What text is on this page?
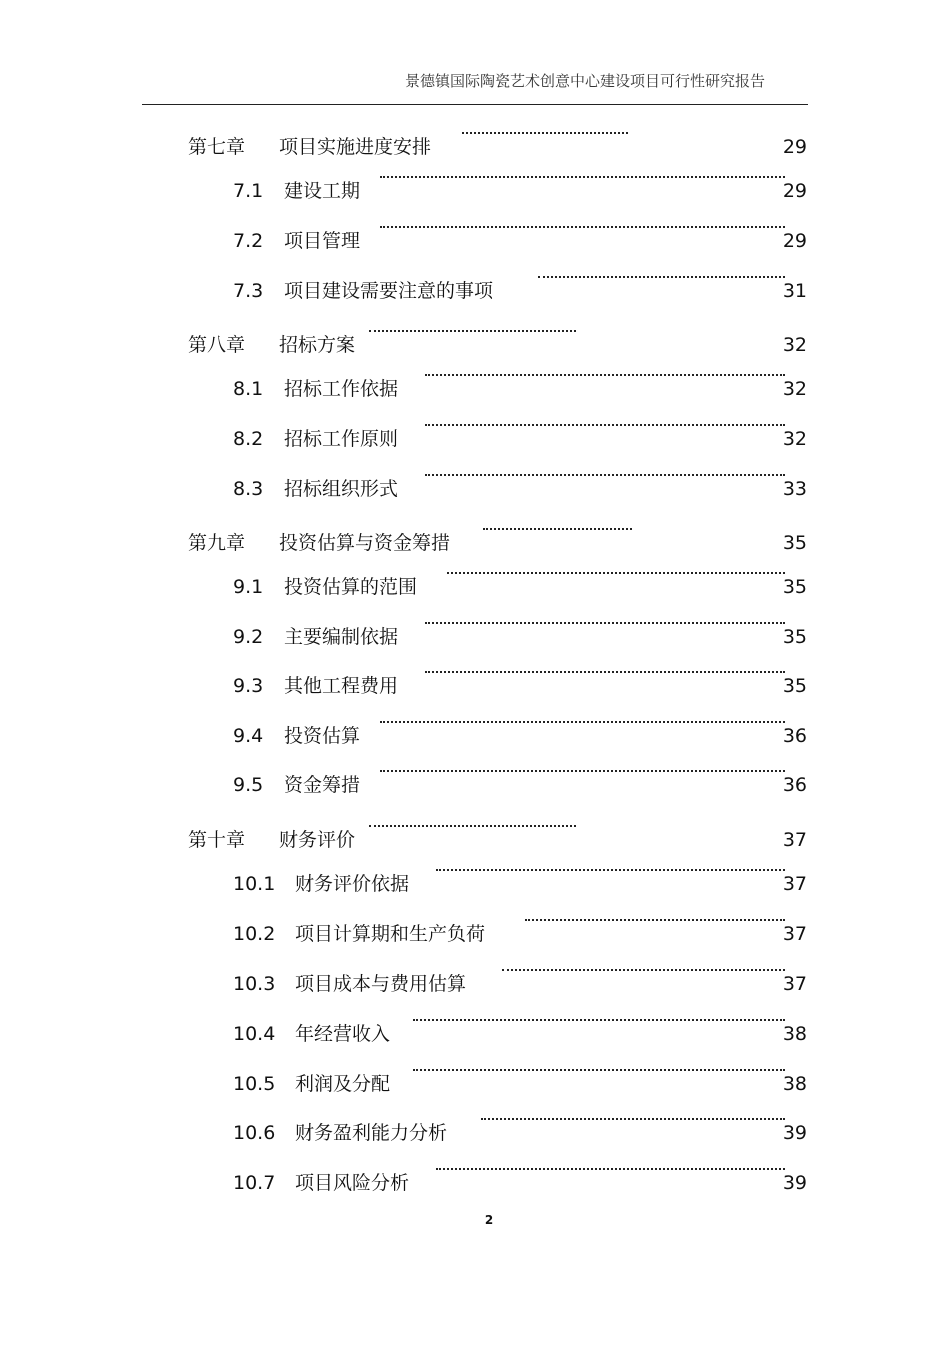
景德镇国际陶瓷艺术创意中心建设项目可行性研究报告
第七章 项目实施进度安排	29
7.1 建设工期	29
7.2 项目管理	29
7.3 项目建设需要注意的事项	31
第八章 招标方案	32
8.1 招标工作依据	32
8.2 招标工作原则	32
8.3 招标组织形式	33
第九章 投资估算与资金筹措	35
9.1 投资估算的范围	35
9.2 主要编制依据	35
9.3 其他工程费用	35
9.4 投资估算	36
9.5 资金筹措	36
第十章 财务评价	37
10.1 财务评价依据	37
10.2 项目计算期和生产负荷	37
10.3 项目成本与费用估算	37
10.4 年经营收入	38
10.5 利润及分配	38
10.6 财务盈利能力分析	39
10.7 项目风险分析	39
2
